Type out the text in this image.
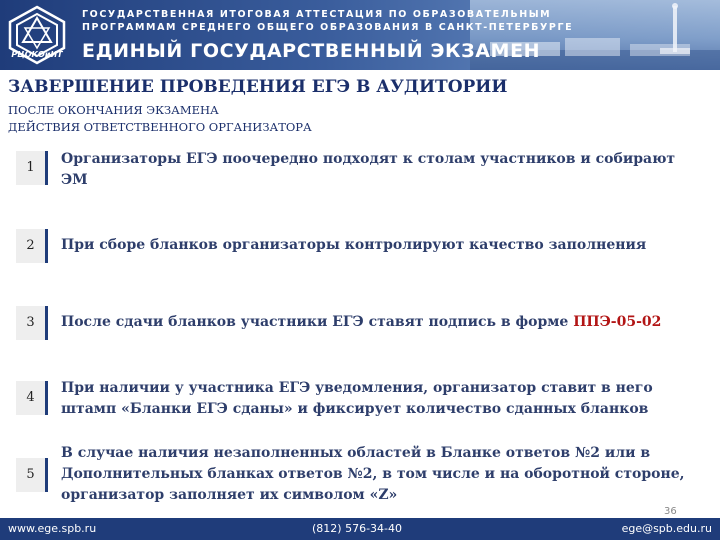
РЦОКОиИТ
ГОСУДАРСТВЕННАЯ ИТОГОВАЯ АТТЕСТАЦИЯ ПО ОБРАЗОВАТЕЛЬНЫМ
ПРОГРАММАМ СРЕДНЕГО ОБЩЕГО ОБРАЗОВАНИЯ В САНКТ-ПЕТЕРБУРГЕ
ЕДИНЫЙ ГОСУДАРСТВЕННЫЙ ЭКЗАМЕН
ЗАВЕРШЕНИЕ ПРОВЕДЕНИЯ ЕГЭ В АУДИТОРИИ
ПОСЛЕ ОКОНЧАНИЯ ЭКЗАМЕНА
ДЕЙСТВИЯ ОТВЕТСТВЕННОГО ОРГАНИЗАТОРА
1
Организаторы ЕГЭ поочередно подходят к столам участников и собирают ЭМ
2	При сборе бланков организаторы контролируют качество заполнения
3	После сдачи бланков участники ЕГЭ ставят подпись в форме ППЭ-05-02
4
При наличии у участника ЕГЭ уведомления, организатор ставит в него штамп «Бланки ЕГЭ сданы» и фиксирует количество сданных бланков
5
В случае наличия незаполненных областей в Бланке ответов №2 или в Дополнительных бланках ответов №2, в том числе и на оборотной стороне, организатор заполняет их символом «Z»
36
www.ege.spb.ru	(812) 576-34-40	ege@spb.edu.ru
